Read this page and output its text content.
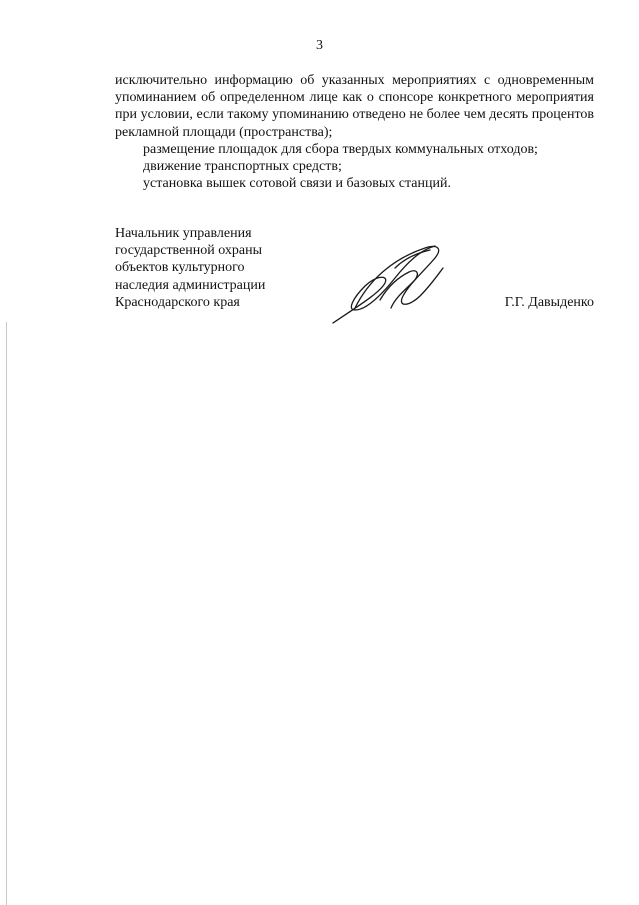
3

исключительно информацию об указанных мероприятиях с одновременным упоминанием об определенном лице как о спонсоре конкретного мероприятия при условии, если такому упоминанию отведено не более чем десять процентов рекламной площади (пространства);

размещение площадок для сбора твердых коммунальных отходов;

движение транспортных средств;

установка вышек сотовой связи и базовых станций.

Начальник управления

государственной охраны

объектов культурного

наследия администрации

Краснодарского края	Г.Г. Давыденко
